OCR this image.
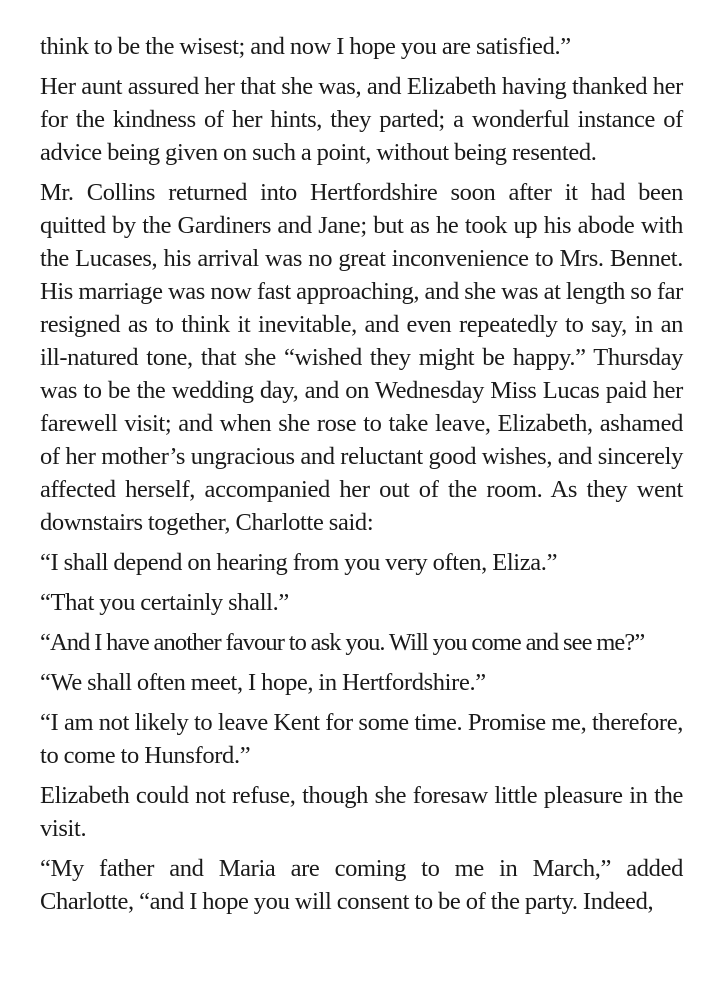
think to be the wisest; and now I hope you are satisfied.”

Her aunt assured her that she was, and Elizabeth having thanked her for the kindness of her hints, they parted; a wonderful instance of advice being given on such a point, without being resented.

Mr. Collins returned into Hertfordshire soon after it had been quitted by the Gardiners and Jane; but as he took up his abode with the Lucases, his arrival was no great inconvenience to Mrs. Bennet. His marriage was now fast approaching, and she was at length so far resigned as to think it inevitable, and even repeatedly to say, in an ill-natured tone, that she “wished they might be happy.” Thursday was to be the wedding day, and on Wednesday Miss Lucas paid her farewell visit; and when she rose to take leave, Elizabeth, ashamed of her mother’s ungracious and reluctant good wishes, and sincerely affected herself, accompanied her out of the room. As they went downstairs together, Charlotte said:

“I shall depend on hearing from you very often, Eliza.”

“That you certainly shall.”

“And I have another favour to ask you. Will you come and see me?”

“We shall often meet, I hope, in Hertfordshire.”

“I am not likely to leave Kent for some time. Promise me, therefore, to come to Hunsford.”

Elizabeth could not refuse, though she foresaw little pleasure in the visit.

“My father and Maria are coming to me in March,” added Charlotte, “and I hope you will consent to be of the party. Indeed,
